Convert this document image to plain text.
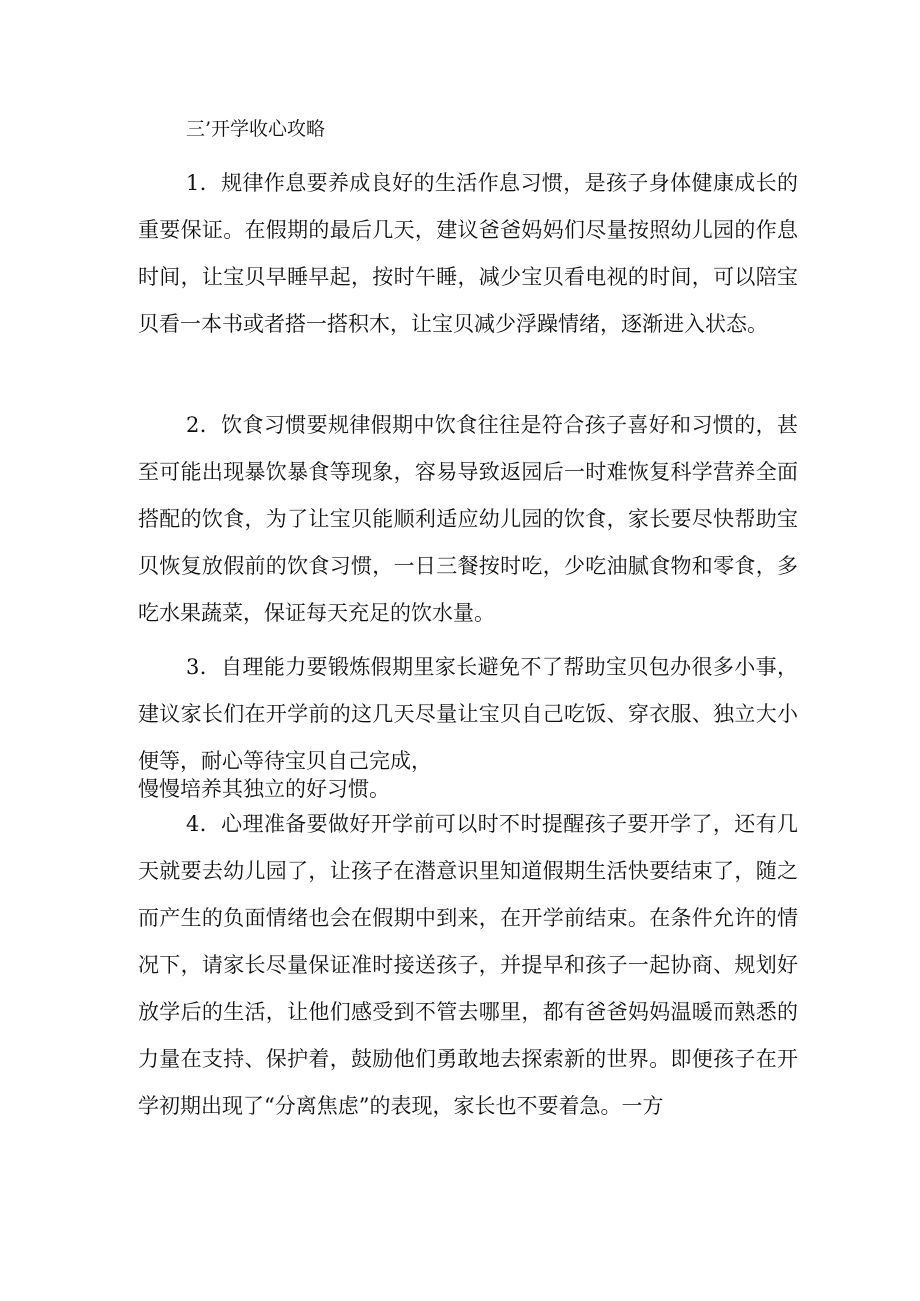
三’开学收心攻略

1．规律作息要养成良好的生活作息习惯，是孩子身体健康成长的重要保证。在假期的最后几天，建议爸爸妈妈们尽量按照幼儿园的作息时间，让宝贝早睡早起，按时午睡，减少宝贝看电视的时间，可以陪宝贝看一本书或者搭一搭积木，让宝贝减少浮躁情绪，逐渐进入状态。

2．饮食习惯要规律假期中饮食往往是符合孩子喜好和习惯的，甚至可能出现暴饮暴食等现象，容易导致返园后一时难恢复科学营养全面搭配的饮食，为了让宝贝能顺利适应幼儿园的饮食，家长要尽快帮助宝贝恢复放假前的饮食习惯，一日三餐按时吃，少吃油腻食物和零食，多吃水果蔬菜，保证每天充足的饮水量。

3．自理能力要锻炼假期里家长避免不了帮助宝贝包办很多小事，建议家长们在开学前的这几天尽量让宝贝自己吃饭、穿衣服、独立大小便等，耐心等待宝贝自己完成，
慢慢培养其独立的好习惯。

4．心理准备要做好开学前可以时不时提醒孩子要开学了，还有几天就要去幼儿园了，让孩子在潜意识里知道假期生活快要结束了，随之而产生的负面情绪也会在假期中到来，在开学前结束。在条件允许的情况下，请家长尽量保证准时接送孩子，并提早和孩子一起协商、规划好放学后的生活，让他们感受到不管去哪里，都有爸爸妈妈温暖而熟悉的力量在支持、保护着，鼓励他们勇敢地去探索新的世界。即便孩子在开学初期出现了“分离焦虑”的表现，家长也不要着急。一方
